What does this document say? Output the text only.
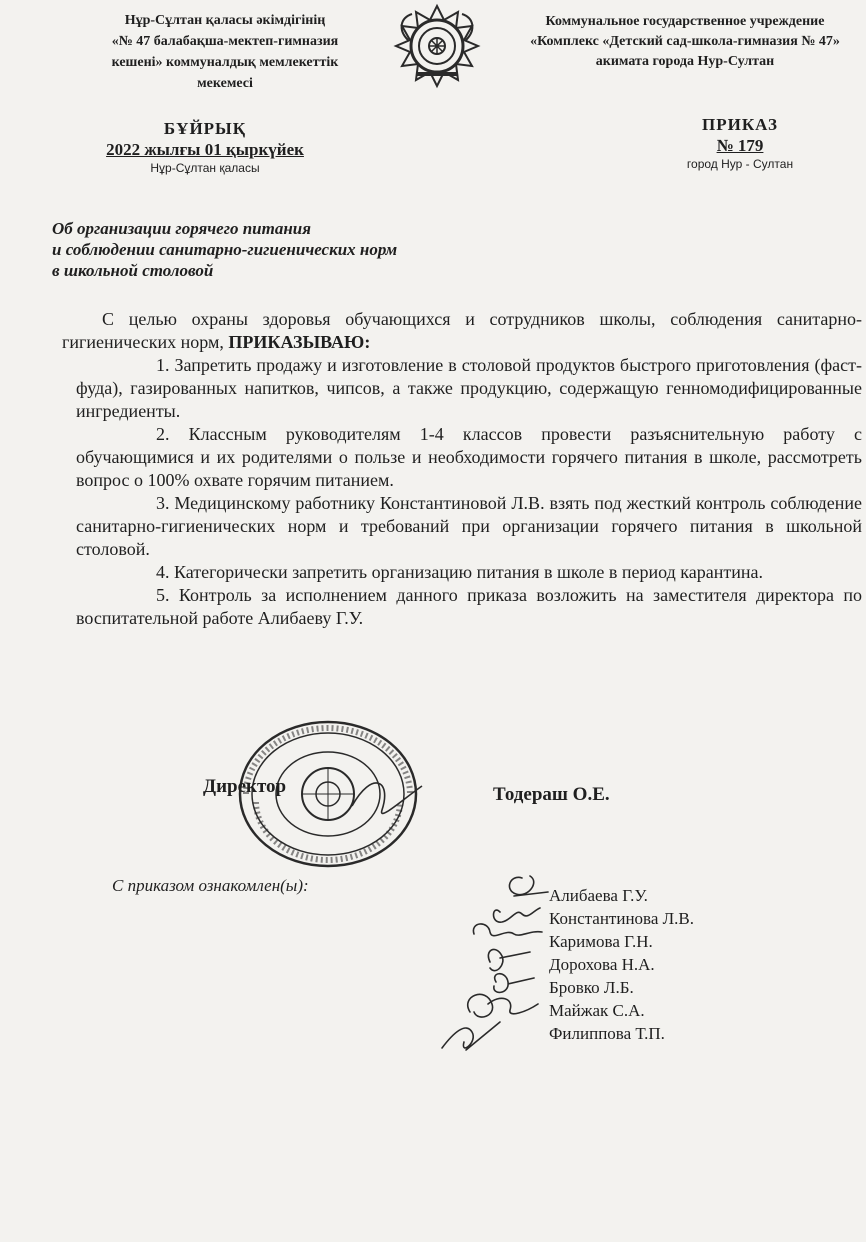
Нұр-Сұлтан қаласы әкімдігінің
«№ 47 балабақша-мектеп-гимназия
кешені» коммуналдық мемлекеттік
мекемесі
Коммунальное государственное учреждение
«Комплекс «Детский сад-школа-гимназия № 47»
акимата города Нур-Султан
БҰЙРЫҚ
2022 жылғы 01 қыркүйек
Нұр-Сұлтан қаласы
ПРИКАЗ
№ 179
город Нур - Султан
Об организации горячего питания
и соблюдении санитарно-гигиенических норм
в школьной столовой

С целью охраны здоровья обучающихся и сотрудников школы, соблюдения санитарно-гигиенических норм, ПРИКАЗЫВАЮ:

1. Запретить продажу и изготовление в столовой продуктов быстрого приготовления (фаст-фуда), газированных напитков, чипсов, а также продукцию, содержащую генномодифицированные ингредиенты.

2. Классным руководителям 1-4 классов провести разъяснительную работу с обучающимися и их родителями о пользе и необходимости горячего питания в школе, рассмотреть вопрос о 100% охвате горячим питанием.

3. Медицинскому работнику Константиновой Л.В. взять под жесткий контроль соблюдение санитарно-гигиенических норм и требований при организации горячего питания в школьной столовой.

4. Категорически запретить организацию питания в школе в период карантина.

5. Контроль за исполнением данного приказа возложить на заместителя директора по воспитательной работе Алибаеву Г.У.

Директор	Тодераш О.Е.
С приказом ознакомлен(ы):
Алибаева Г.У.
Константинова Л.В.
Каримова Г.Н.
Дорохова Н.А.
Бровко Л.Б.
Майжак С.А.
Филиппова Т.П.
